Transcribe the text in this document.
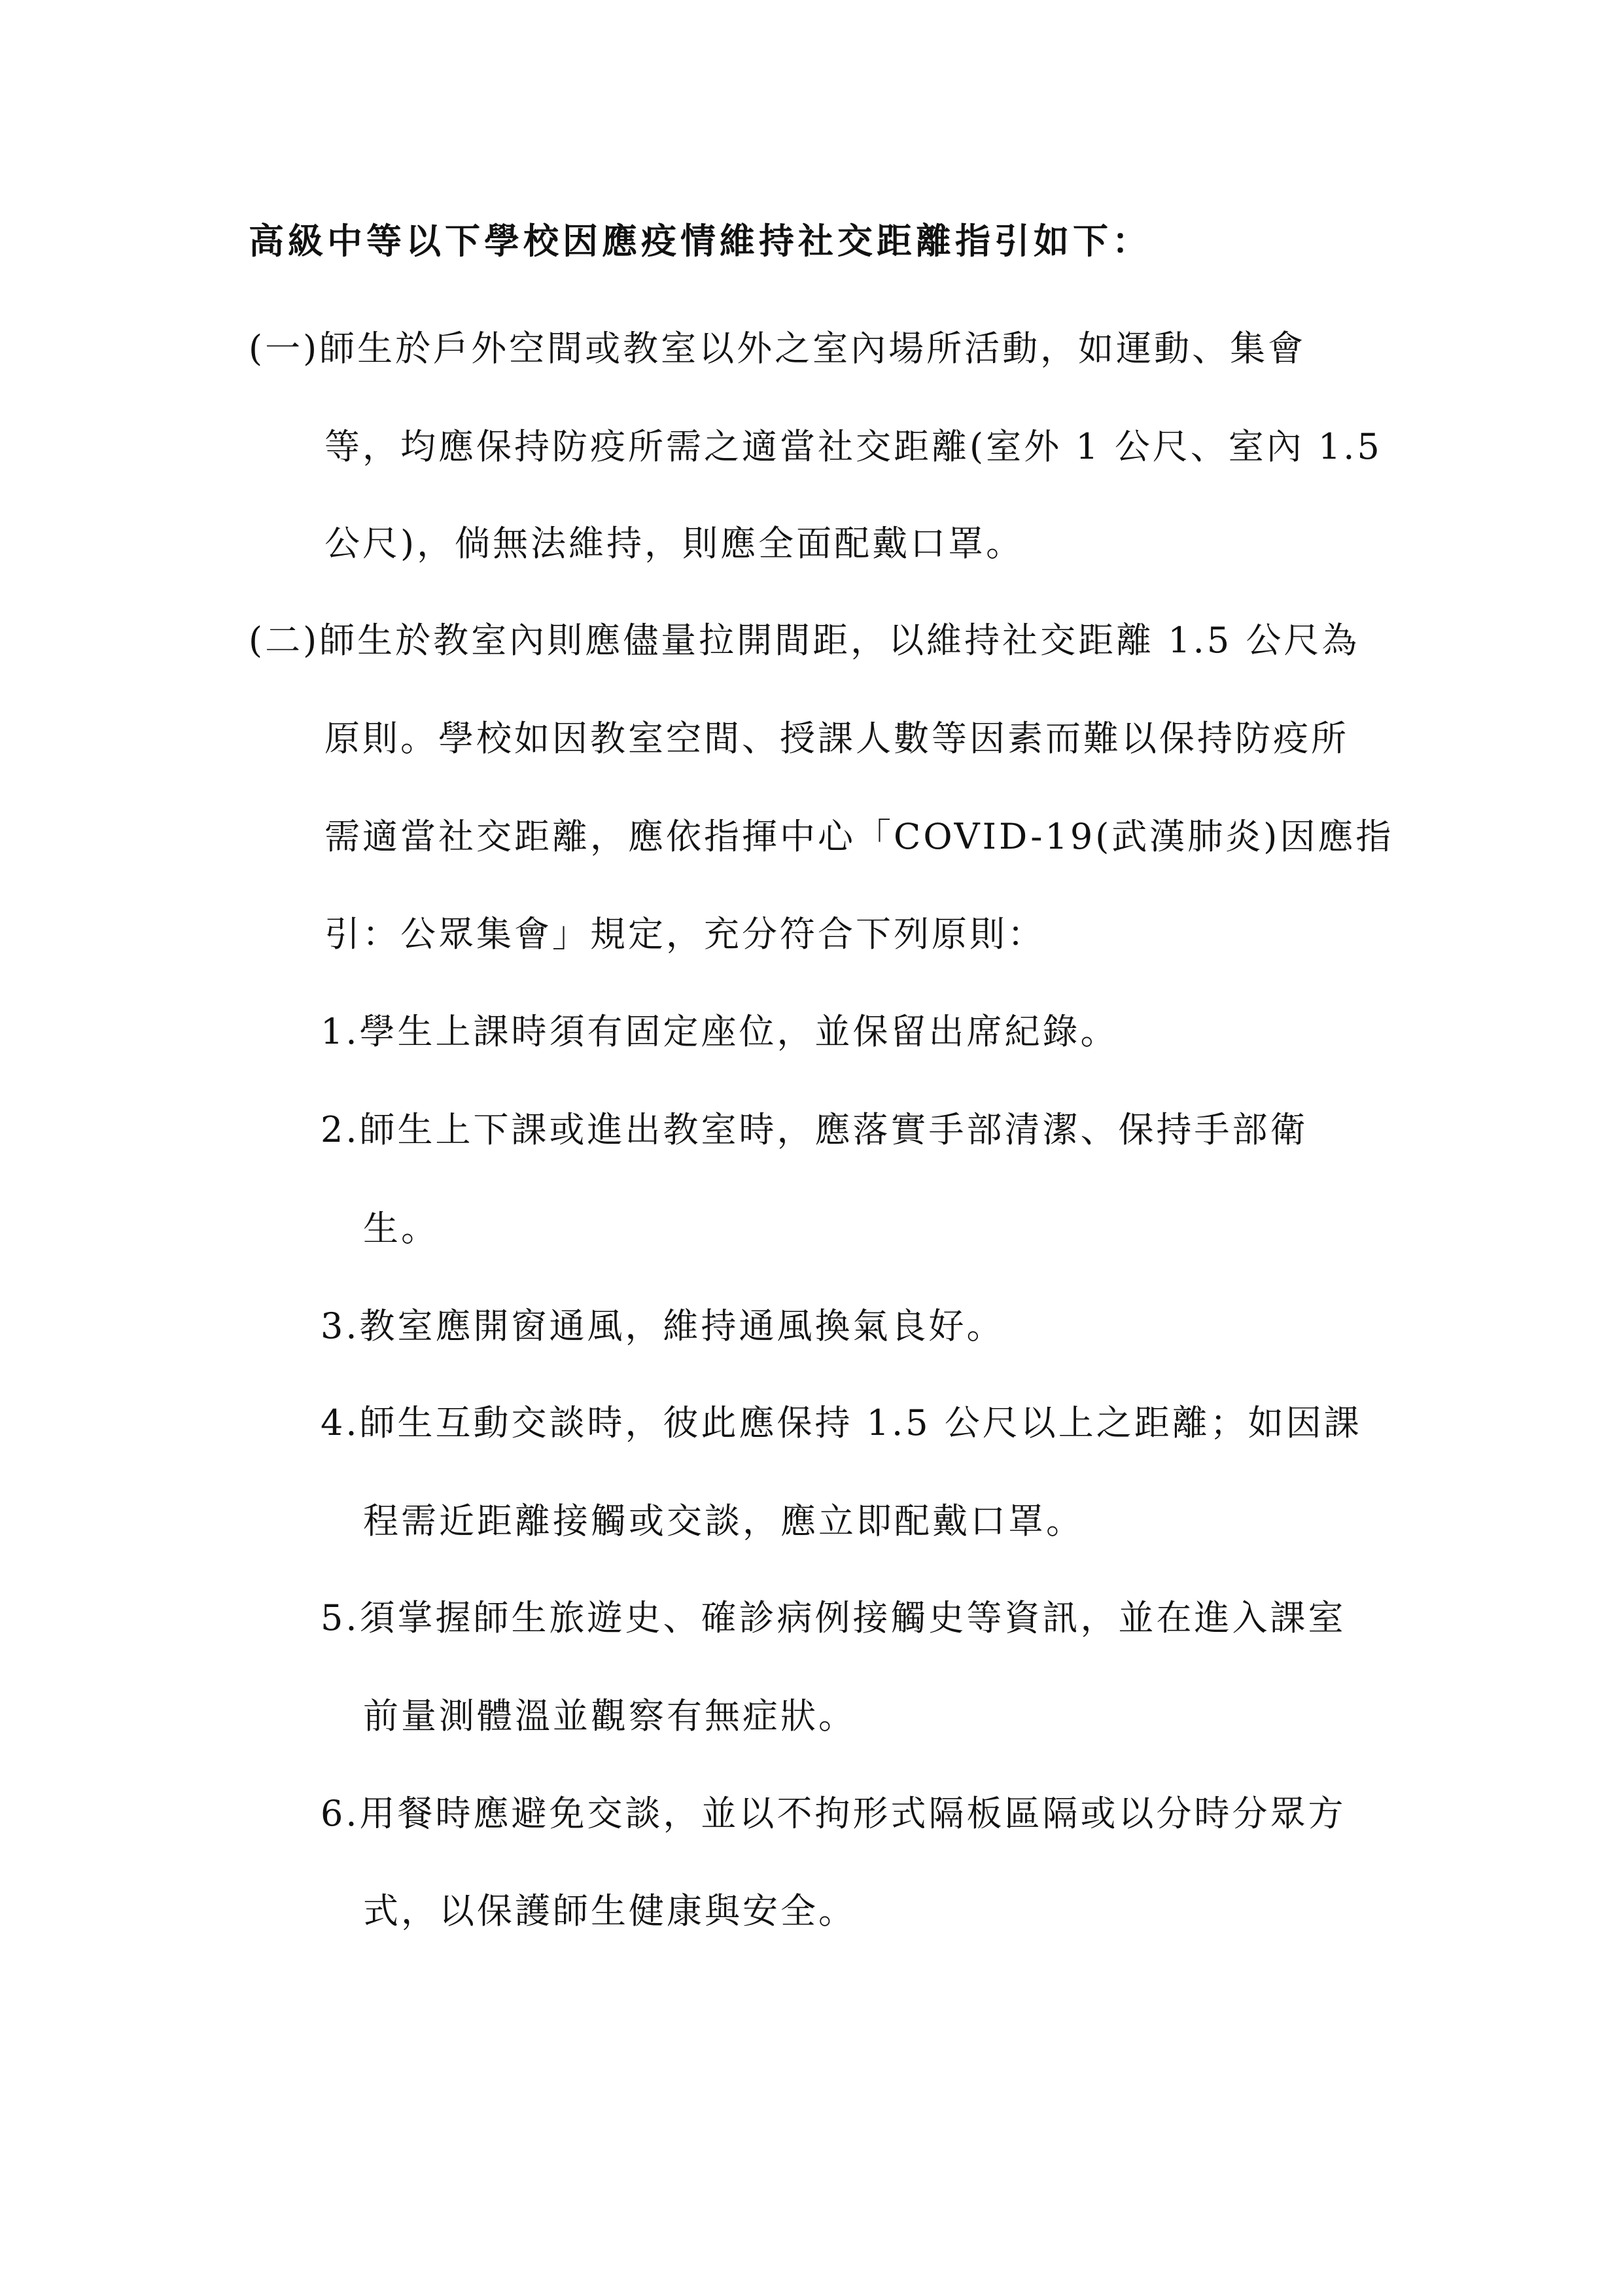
高級中等以下學校因應疫情維持社交距離指引如下：
(一)師生於戶外空間或教室以外之室內場所活動，如運動、集會
等，均應保持防疫所需之適當社交距離(室外 1 公尺、室內 1.5
公尺)，倘無法維持，則應全面配戴口罩。
(二)師生於教室內則應儘量拉開間距，以維持社交距離 1.5 公尺為
原則。學校如因教室空間、授課人數等因素而難以保持防疫所
需適當社交距離，應依指揮中心「COVID-19(武漢肺炎)因應指
引：公眾集會」規定，充分符合下列原則：
1.學生上課時須有固定座位，並保留出席紀錄。
2.師生上下課或進出教室時，應落實手部清潔、保持手部衛
生。
3.教室應開窗通風，維持通風換氣良好。
4.師生互動交談時，彼此應保持 1.5 公尺以上之距離；如因課
程需近距離接觸或交談，應立即配戴口罩。
5.須掌握師生旅遊史、確診病例接觸史等資訊，並在進入課室
前量測體溫並觀察有無症狀。
6.用餐時應避免交談，並以不拘形式隔板區隔或以分時分眾方
式，以保護師生健康與安全。
